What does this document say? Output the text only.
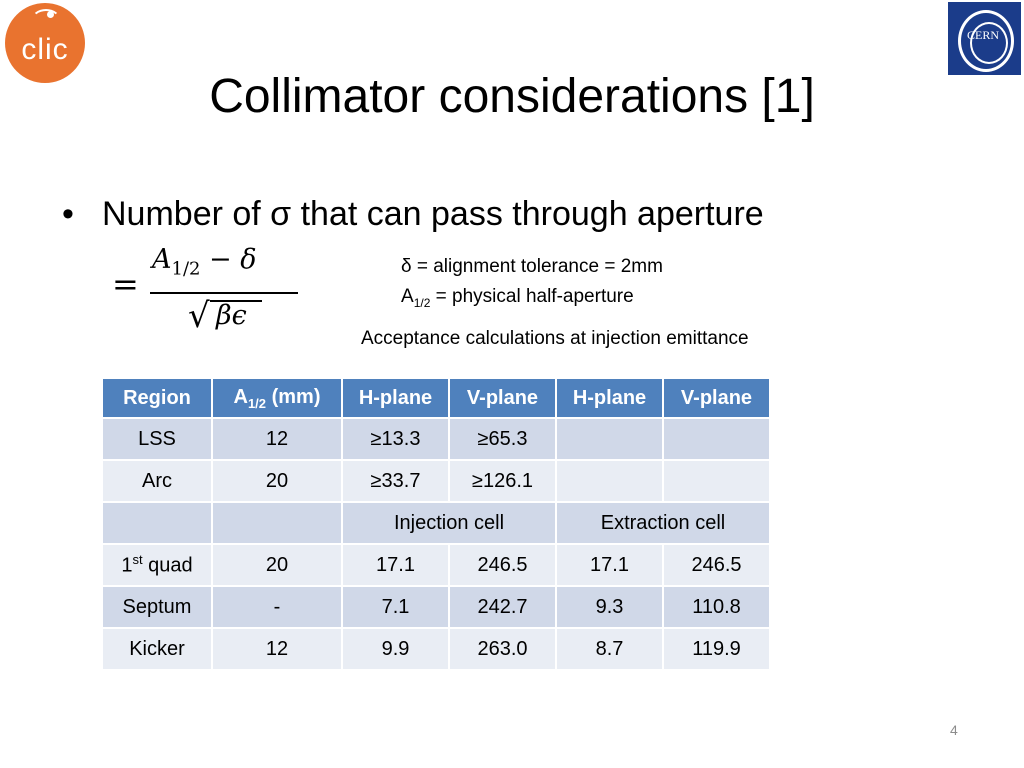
clic	CERN
Collimator considerations [1]
• Number of σ that can pass through aperture
=
$A_{1/2} - \delta$
√ βϵ
δ = alignment tolerance = 2mm
$A_{1/2}$ = physical half-aperture
Acceptance calculations at injection emittance
Region	$A_{1/2}$ (mm)	H-plane	V-plane	H-plane	V-plane
LSS	12	≥13.3	≥65.3		
Arc	20	≥33.7	≥126.1		
		Injection cell		Extraction cell	
1st quad	20	17.1	246.5	17.1	246.5
Septum	-	7.1	242.7	9.3	110.8
Kicker	12	9.9	263.0	8.7	119.9
4
